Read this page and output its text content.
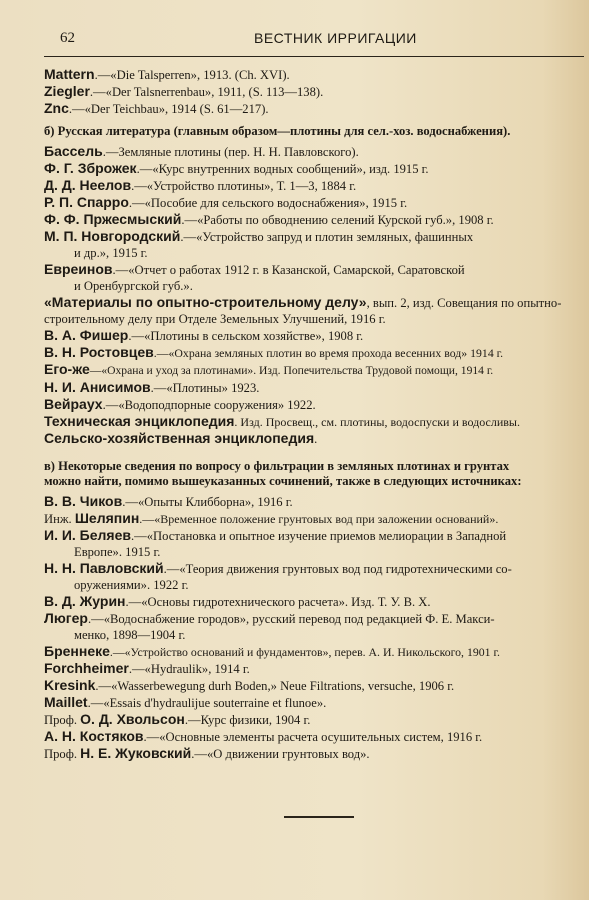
62	ВЕСТНИК ИРРИГАЦИИ

Mattern.—«Die Talsperren», 1913. (Ch. XVI).

Ziegler.—«Der Talsnerrenbau», 1911, (S. 113—138).

Znc.—«Der Teichbau», 1914 (S. 61—217).

б) Русская литература (главным образом—плотины для сел.-хоз. водоснабжения).

Бассель.—Земляные плотины (пер. Н. Н. Павловского).

Ф. Г. Зброжек.—«Курс внутренних водных сообщений», изд. 1915 г.

Д. Д. Неелов.—«Устройство плотины», Т. 1—3, 1884 г.

Р. П. Спарро.—«Пособие для сельского водоснабжения», 1915 г.

Ф. Ф. Пржесмыский.—«Работы по обводнению селений Курской губ.», 1908 г.

М. П. Новгородский.—«Устройство запруд и плотин земляных, фашинных
и др.», 1915 г.

Евреинов.—«Отчет о работах 1912 г. в Казанской, Самарской, Саратовской
и Оренбургской губ.».

«Материалы по опытно-строительному делу», вып. 2, изд. Совещания по опытно-
строительному делу при Отделе Земельных Улучшений, 1916 г.

В. А. Фишер.—«Плотины в сельском хозяйстве», 1908 г.

В. Н. Ростовцев.—«Охрана земляных плотин во время прохода весенних вод» 1914 г.

Его-же—«Охрана и уход за плотинами». Изд. Попечительства Трудовой помощи, 1914 г.

Н. И. Анисимов.—«Плотины» 1923.

Вейраух.—«Водоподпорные сооружения» 1922.

Техническая энциклопедия. Изд. Просвещ., см. плотины, водоспуски и водосливы.

Сельско-хозяйственная энциклопедия.

в) Некоторые сведения по вопросу о фильтрации в земляных плотинах и грунтах
можно найти, помимо вышеуказанных сочинений, также в следующих источниках:

В. В. Чиков.—«Опыты Клибборна», 1916 г.

Инж. Шеляпин.—«Временное положение грунтовых вод при заложении оснований».

И. И. Беляев.—«Постановка и опытное изучение приемов мелиорации в Западной
Европе». 1915 г.

Н. Н. Павловский.—«Теория движения грунтовых вод под гидротехническими со-
оружениями». 1922 г.

В. Д. Журин.—«Основы гидротехнического расчета». Изд. Т. У. В. Х.

Люгер.—«Водоснабжение городов», русский перевод под редакцией Ф. Е. Макси-
менко, 1898—1904 г.

Бреннеке.—«Устройство оснований и фундаментов», перев. А. И. Никольского, 1901 г.

Forchheimer.—«Hydraulik», 1914 г.

Kresink.—«Wasserbewegung durh Boden,» Neue Filtrations, versuche, 1906 г.

Maillet.—«Essais d'hydraulijue souterraine et flunoe».

Проф. О. Д. Хвольсон.—Курс физики, 1904 г.

А. Н. Костяков.—«Основные элементы расчета осушительных систем, 1916 г.

Проф. Н. Е. Жуковский.—«О движении грунтовых вод».
